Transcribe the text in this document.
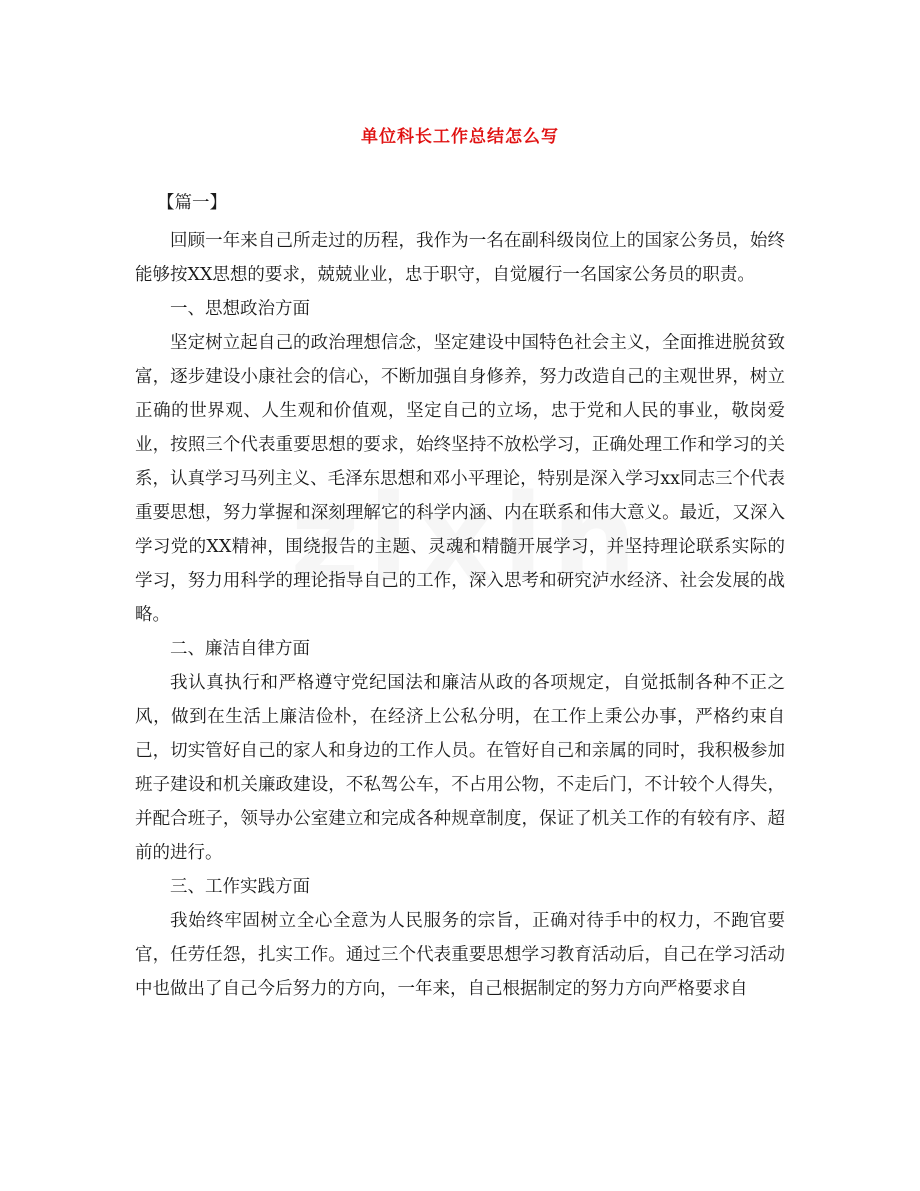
单位科长工作总结怎么写

【篇一】

回顾一年来自己所走过的历程，我作为一名在副科级岗位上的国家公务员，始终能够按XX思想的要求，兢兢业业，忠于职守，自觉履行一名国家公务员的职责。

一、思想政治方面

坚定树立起自己的政治理想信念，坚定建设中国特色社会主义，全面推进脱贫致富，逐步建设小康社会的信心，不断加强自身修养，努力改造自己的主观世界，树立正确的世界观、人生观和价值观，坚定自己的立场，忠于党和人民的事业，敬岗爱业，按照三个代表重要思想的要求，始终坚持不放松学习，正确处理工作和学习的关系，认真学习马列主义、毛泽东思想和邓小平理论，特别是深入学习xx同志三个代表重要思想，努力掌握和深刻理解它的科学内涵、内在联系和伟大意义。最近，又深入学习党的XX精神，围绕报告的主题、灵魂和精髓开展学习，并坚持理论联系实际的学习，努力用科学的理论指导自己的工作，深入思考和研究泸水经济、社会发展的战略。

二、廉洁自律方面

我认真执行和严格遵守党纪国法和廉洁从政的各项规定，自觉抵制各种不正之风，做到在生活上廉洁俭朴，在经济上公私分明，在工作上秉公办事，严格约束自己，切实管好自己的家人和身边的工作人员。在管好自己和亲属的同时，我积极参加班子建设和机关廉政建设，不私驾公车，不占用公物，不走后门，不计较个人得失，并配合班子，领导办公室建立和完成各种规章制度，保证了机关工作的有较有序、超前的进行。

三、工作实践方面

我始终牢固树立全心全意为人民服务的宗旨，正确对待手中的权力，不跑官要官，任劳任怨，扎实工作。通过三个代表重要思想学习教育活动后，自己在学习活动中也做出了自己今后努力的方向，一年来，自己根据制定的努力方向严格要求自
